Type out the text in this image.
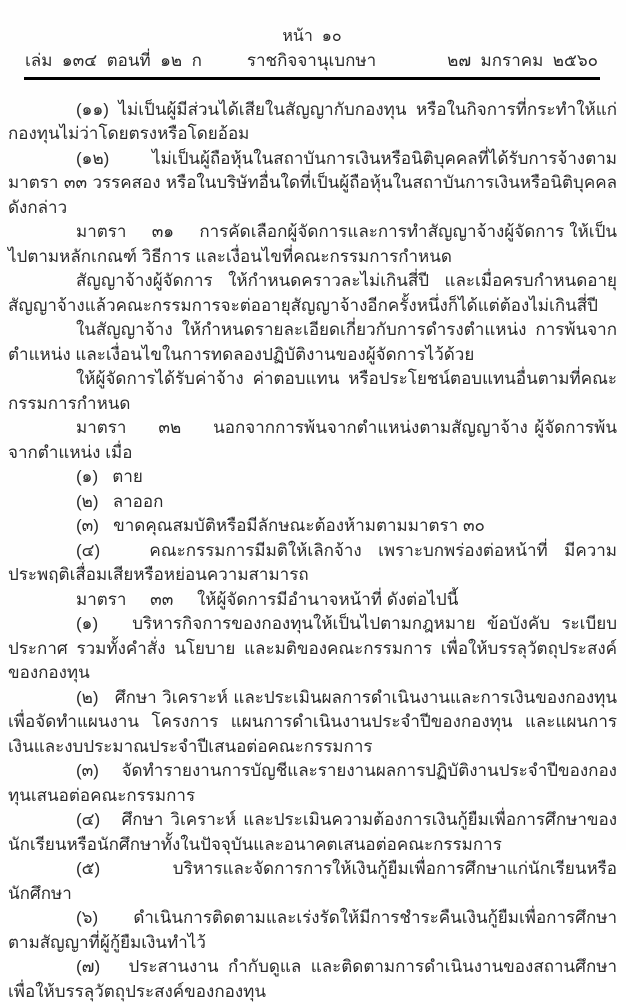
หน้า  ๑๐
เล่ม  ๑๓๔  ตอนที่  ๑๒  ก	ราชกิจจานุเบกษา	๒๗  มกราคม  ๒๕๖๐

(๑๑) ไม่เป็นผู้มีส่วนได้เสียในสัญญากับกองทุน หรือในกิจการที่กระทำให้แก่กองทุนไม่ว่าโดยตรงหรือโดยอ้อม

(๑๒) ไม่เป็นผู้ถือหุ้นในสถาบันการเงินหรือนิติบุคคลที่ได้รับการจ้างตามมาตรา ๓๓ วรรคสอง หรือในบริษัทอื่นใดที่เป็นผู้ถือหุ้นในสถาบันการเงินหรือนิติบุคคลดังกล่าว

มาตรา     ๓๑     การคัดเลือกผู้จัดการและการทำสัญญาจ้างผู้จัดการ ให้เป็นไปตามหลักเกณฑ์ วิธีการ และเงื่อนไขที่คณะกรรมการกำหนด

สัญญาจ้างผู้จัดการ ให้กำหนดคราวละไม่เกินสี่ปี และเมื่อครบกำหนดอายุสัญญาจ้างแล้วคณะกรรมการจะต่ออายุสัญญาจ้างอีกครั้งหนึ่งก็ได้แต่ต้องไม่เกินสี่ปี

ในสัญญาจ้าง ให้กำหนดรายละเอียดเกี่ยวกับการดำรงตำแหน่ง การพ้นจากตำแหน่ง และเงื่อนไขในการทดลองปฏิบัติงานของผู้จัดการไว้ด้วย

ให้ผู้จัดการได้รับค่าจ้าง ค่าตอบแทน หรือประโยชน์ตอบแทนอื่นตามที่คณะกรรมการกำหนด

มาตรา     ๓๒     นอกจากการพ้นจากตำแหน่งตามสัญญาจ้าง ผู้จัดการพ้นจากตำแหน่ง เมื่อ

(๑)   ตาย

(๒)   ลาออก

(๓)   ขาดคุณสมบัติหรือมีลักษณะต้องห้ามตามมาตรา ๓๐

(๔)   คณะกรรมการมีมติให้เลิกจ้าง เพราะบกพร่องต่อหน้าที่ มีความประพฤติเสื่อมเสียหรือหย่อนความสามารถ

มาตรา     ๓๓     ให้ผู้จัดการมีอำนาจหน้าที่ ดังต่อไปนี้

(๑)   บริหารกิจการของกองทุนให้เป็นไปตามกฎหมาย ข้อบังคับ ระเบียบ ประกาศ รวมทั้งคำสั่ง นโยบาย และมติของคณะกรรมการ เพื่อให้บรรลุวัตถุประสงค์ของกองทุน

(๒)   ศึกษา วิเคราะห์ และประเมินผลการดำเนินงานและการเงินของกองทุน เพื่อจัดทำแผนงาน โครงการ แผนการดำเนินงานประจำปีของกองทุน และแผนการเงินและงบประมาณประจำปีเสนอต่อคณะกรรมการ

(๓)   จัดทำรายงานการบัญชีและรายงานผลการปฏิบัติงานประจำปีของกองทุนเสนอต่อคณะกรรมการ

(๔)   ศึกษา วิเคราะห์ และประเมินความต้องการเงินกู้ยืมเพื่อการศึกษาของนักเรียนหรือนักศึกษาทั้งในปัจจุบันและอนาคตเสนอต่อคณะกรรมการ

(๕)   บริหารและจัดการการให้เงินกู้ยืมเพื่อการศึกษาแก่นักเรียนหรือนักศึกษา

(๖)   ดำเนินการติดตามและเร่งรัดให้มีการชำระคืนเงินกู้ยืมเพื่อการศึกษาตามสัญญาที่ผู้กู้ยืมเงินทำไว้

(๗)   ประสานงาน กำกับดูแล และติดตามการดำเนินงานของสถานศึกษาเพื่อให้บรรลุวัตถุประสงค์ของกองทุน
